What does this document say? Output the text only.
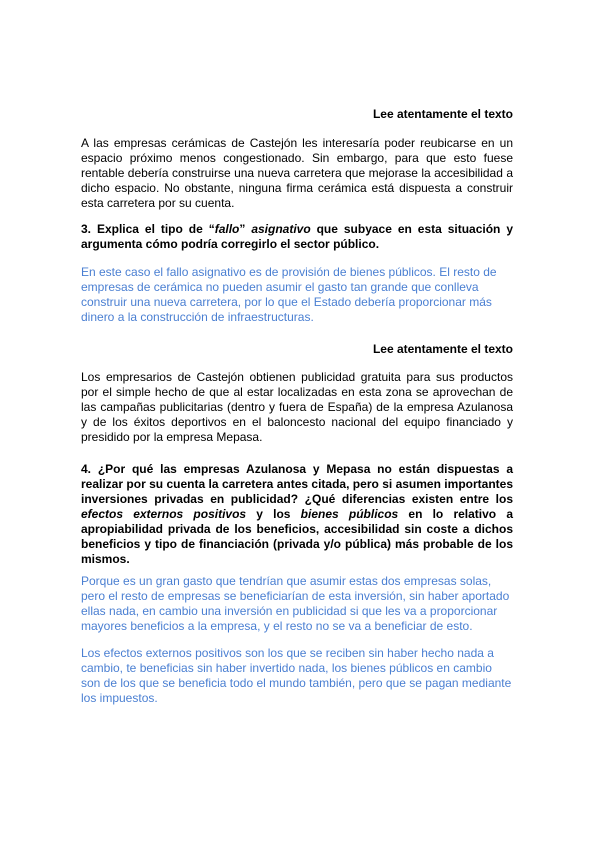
Lee atentamente el texto
A las empresas cerámicas de Castejón les interesaría poder reubicarse en un espacio próximo menos congestionado. Sin embargo, para que esto fuese rentable debería construirse una nueva carretera que mejorase la accesibilidad a dicho espacio. No obstante, ninguna firma cerámica está dispuesta a construir esta carretera por su cuenta.
3. Explica el tipo de “fallo” asignativo que subyace en esta situación y argumenta cómo podría corregirlo el sector público.
En este caso el fallo asignativo es de provisión de bienes públicos. El resto de empresas de cerámica no pueden asumir el gasto tan grande que conlleva construir una nueva carretera, por lo que el Estado debería proporcionar más dinero a la construcción de infraestructuras.
Lee atentamente el texto
Los empresarios de Castejón obtienen publicidad gratuita para sus productos por el simple hecho de que al estar localizadas en esta zona se aprovechan de las campañas publicitarias (dentro y fuera de España) de la empresa Azulanosa y de los éxitos deportivos en el baloncesto nacional del equipo financiado y presidido por la empresa Mepasa.
4. ¿Por qué las empresas Azulanosa y Mepasa no están dispuestas a realizar por su cuenta la carretera antes citada, pero si asumen importantes inversiones privadas en publicidad? ¿Qué diferencias existen entre los efectos externos positivos y los bienes públicos en lo relativo a apropiabilidad privada de los beneficios, accesibilidad sin coste a dichos beneficios y tipo de financiación (privada y/o pública) más probable de los mismos.
Porque es un gran gasto que tendrían que asumir estas dos empresas solas, pero el resto de empresas se beneficiarían de esta inversión, sin haber aportado ellas nada, en cambio una inversión en publicidad si que les va a proporcionar mayores beneficios a la empresa, y el resto no se va a beneficiar de esto.
Los efectos externos positivos son los que se reciben sin haber hecho nada a cambio, te beneficias sin haber invertido nada, los bienes públicos en cambio son de los que se beneficia todo el mundo también, pero que se pagan mediante los impuestos.
